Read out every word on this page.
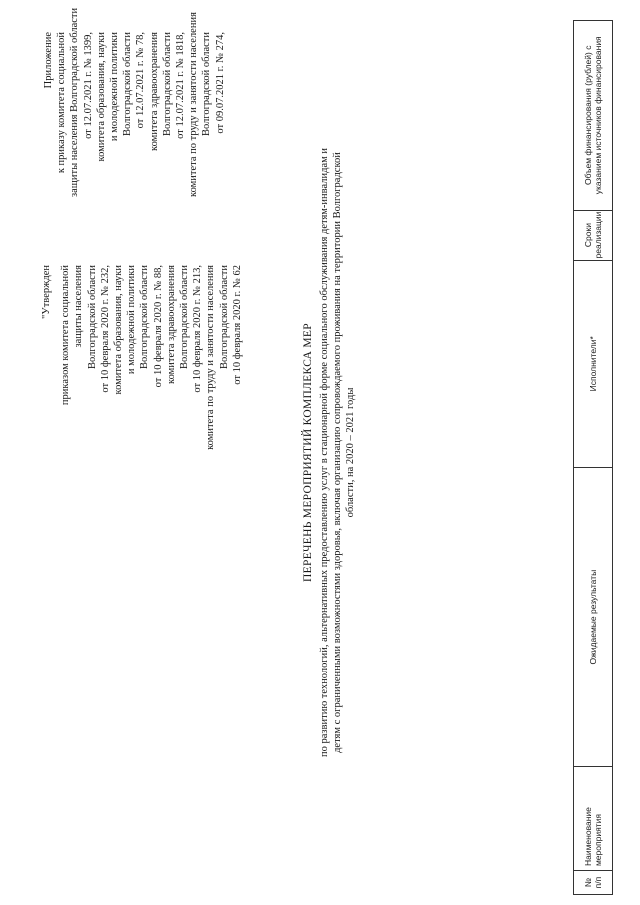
Приложение к приказу комитета социальной защиты населения Волгоградской области от 12.07.2021 г. № 1399, комитета образования, науки и молодежной политики Волгоградской области от 12.07.2021 г. № 78, комитета здравоохранения Волгоградской области от 12.07.2021 г. № 1818, комитета по труду и занятости населения Волгоградской области от 09.07.2021 г. № 274,
"Утвержден приказом комитета социальной защиты населения Волгоградской области от 10 февраля 2020 г. № 232, комитета образования, науки и молодежной политики Волгоградской области от 10 февраля 2020 г. № 88, комитета здравоохранения Волгоградской области от 10 февраля 2020 г. № 213, комитета по труду и занятости населения Волгоградской области от 10 февраля 2020 г. № 62	ПЕРЕЧЕНЬ МЕРОПРИЯТИЙ КОМПЛЕКСА МЕР по развитию технологий, альтернативных предоставлению услуг в стационарной форме социального обслуживания детям-инвалидам и детям с ограниченными возможностями здоровья, включая организацию сопровождаемого проживания на территории Волгоградской области, на 2020 – 2021 годы
№ п/п
Наименование мероприятия
Ожидаемые результаты
Исполнители*
Сроки реализации
Объем финансирования (рублей) с указанием источников финансирования
